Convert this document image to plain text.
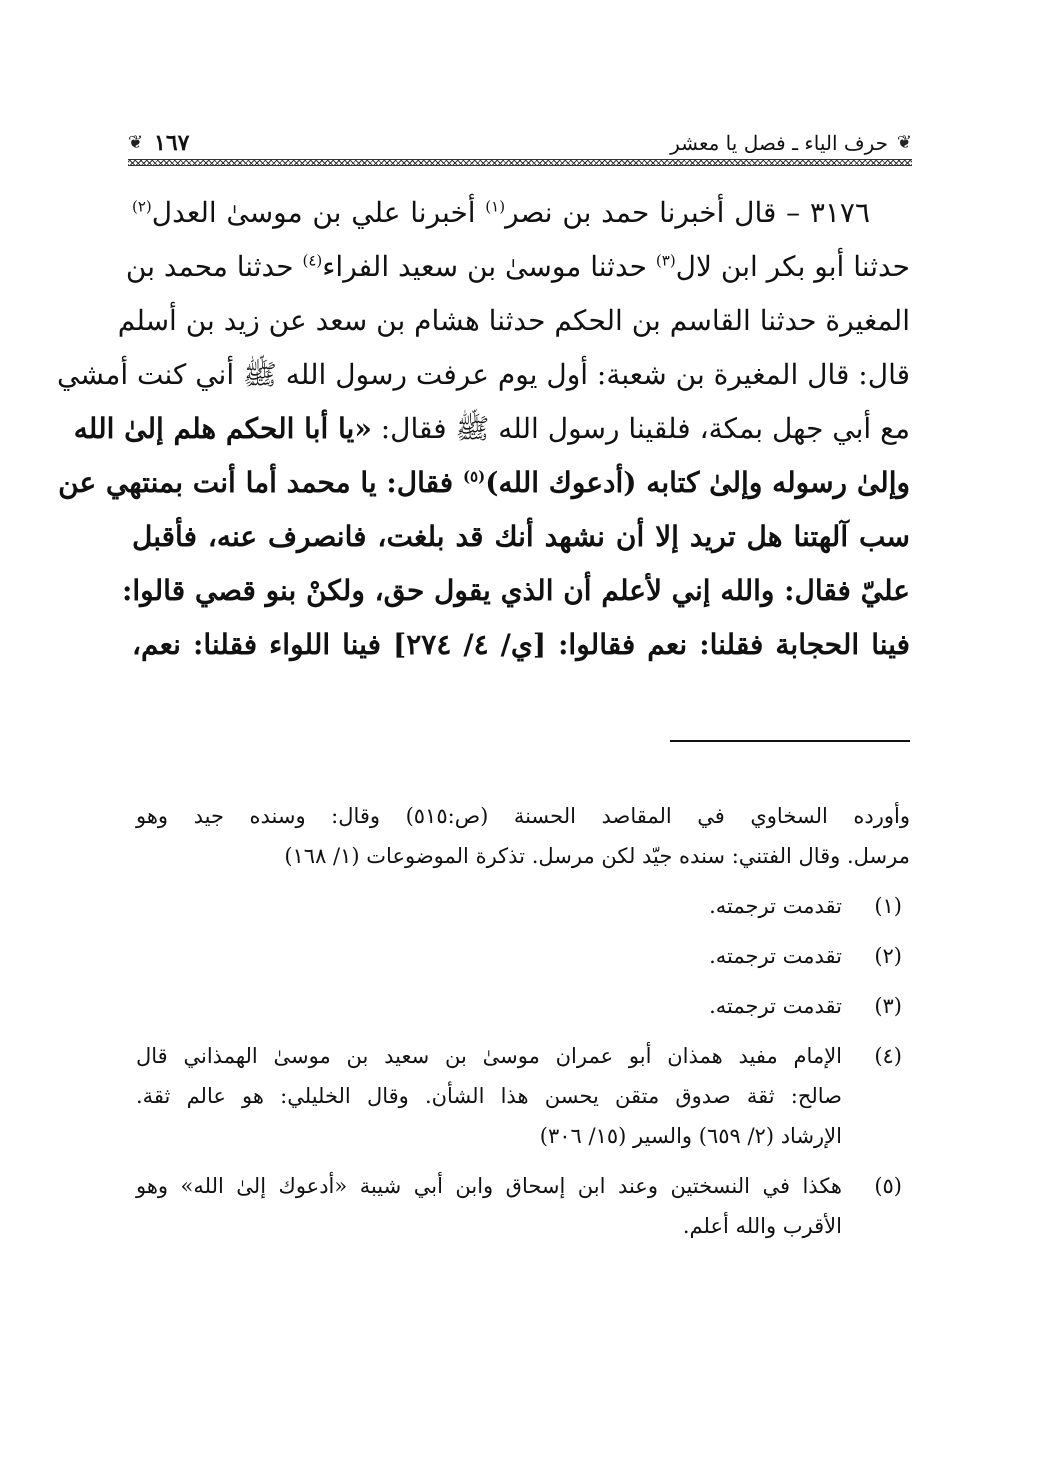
❦
حرف الياء ـ فصل يا معشر
١٦٧
❦
٣١٧٦ – قال أخبرنا حمد بن نصر$^{(١)}$ أخبرنا علي بن موسىٰ العدل$^{(٢)}$
حدثنا أبو بكر ابن لال$^{(٣)}$ حدثنا موسىٰ بن سعيد الفراء$^{(٤)}$ حدثنا محمد بن
المغيرة حدثنا القاسم بن الحكم حدثنا هشام بن سعد عن زيد بن أسلم
قال: قال المغيرة بن شعبة: أول يوم عرفت رسول الله ﷺ أني كنت أمشي
مع أبي جهل بمكة، فلقينا رسول الله ﷺ فقال: «يا أبا الحكم هلم إلىٰ الله
وإلىٰ رسوله وإلىٰ كتابه (أدعوك الله)$^{(٥)}$ فقال: يا محمد أما أنت بمنتهي عن
سب آلهتنا هل تريد إلا أن نشهد أنك قد بلغت، فانصرف عنه، فأقبل
عليّ فقال: والله إني لأعلم أن الذي يقول حق، ولكنْ بنو قصي قالوا:
فينا الحجابة فقلنا: نعم فقالوا: [ي/ ٤/ ٢٧٤] فينا اللواء فقلنا: نعم،
وأورده السخاوي في المقاصد الحسنة (ص:٥١٥) وقال: وسنده جيد وهو
مرسل. وقال الفتني: سنده جيّد لكن مرسل. تذكرة الموضوعات (١/ ١٦٨)
(١)
تقدمت ترجمته.
(٢)
تقدمت ترجمته.
(٣)
تقدمت ترجمته.
(٤)
الإمام مفيد همذان أبو عمران موسىٰ بن سعيد بن موسىٰ الهمذاني قال
صالح: ثقة صدوق متقن يحسن هذا الشأن. وقال الخليلي: هو عالم ثقة.
الإرشاد (٢/ ٦٥٩) والسير (١٥/ ٣٠٦)
(٥)
هكذا في النسختين وعند ابن إسحاق وابن أبي شيبة «أدعوك إلىٰ الله» وهو
الأقرب والله أعلم.
